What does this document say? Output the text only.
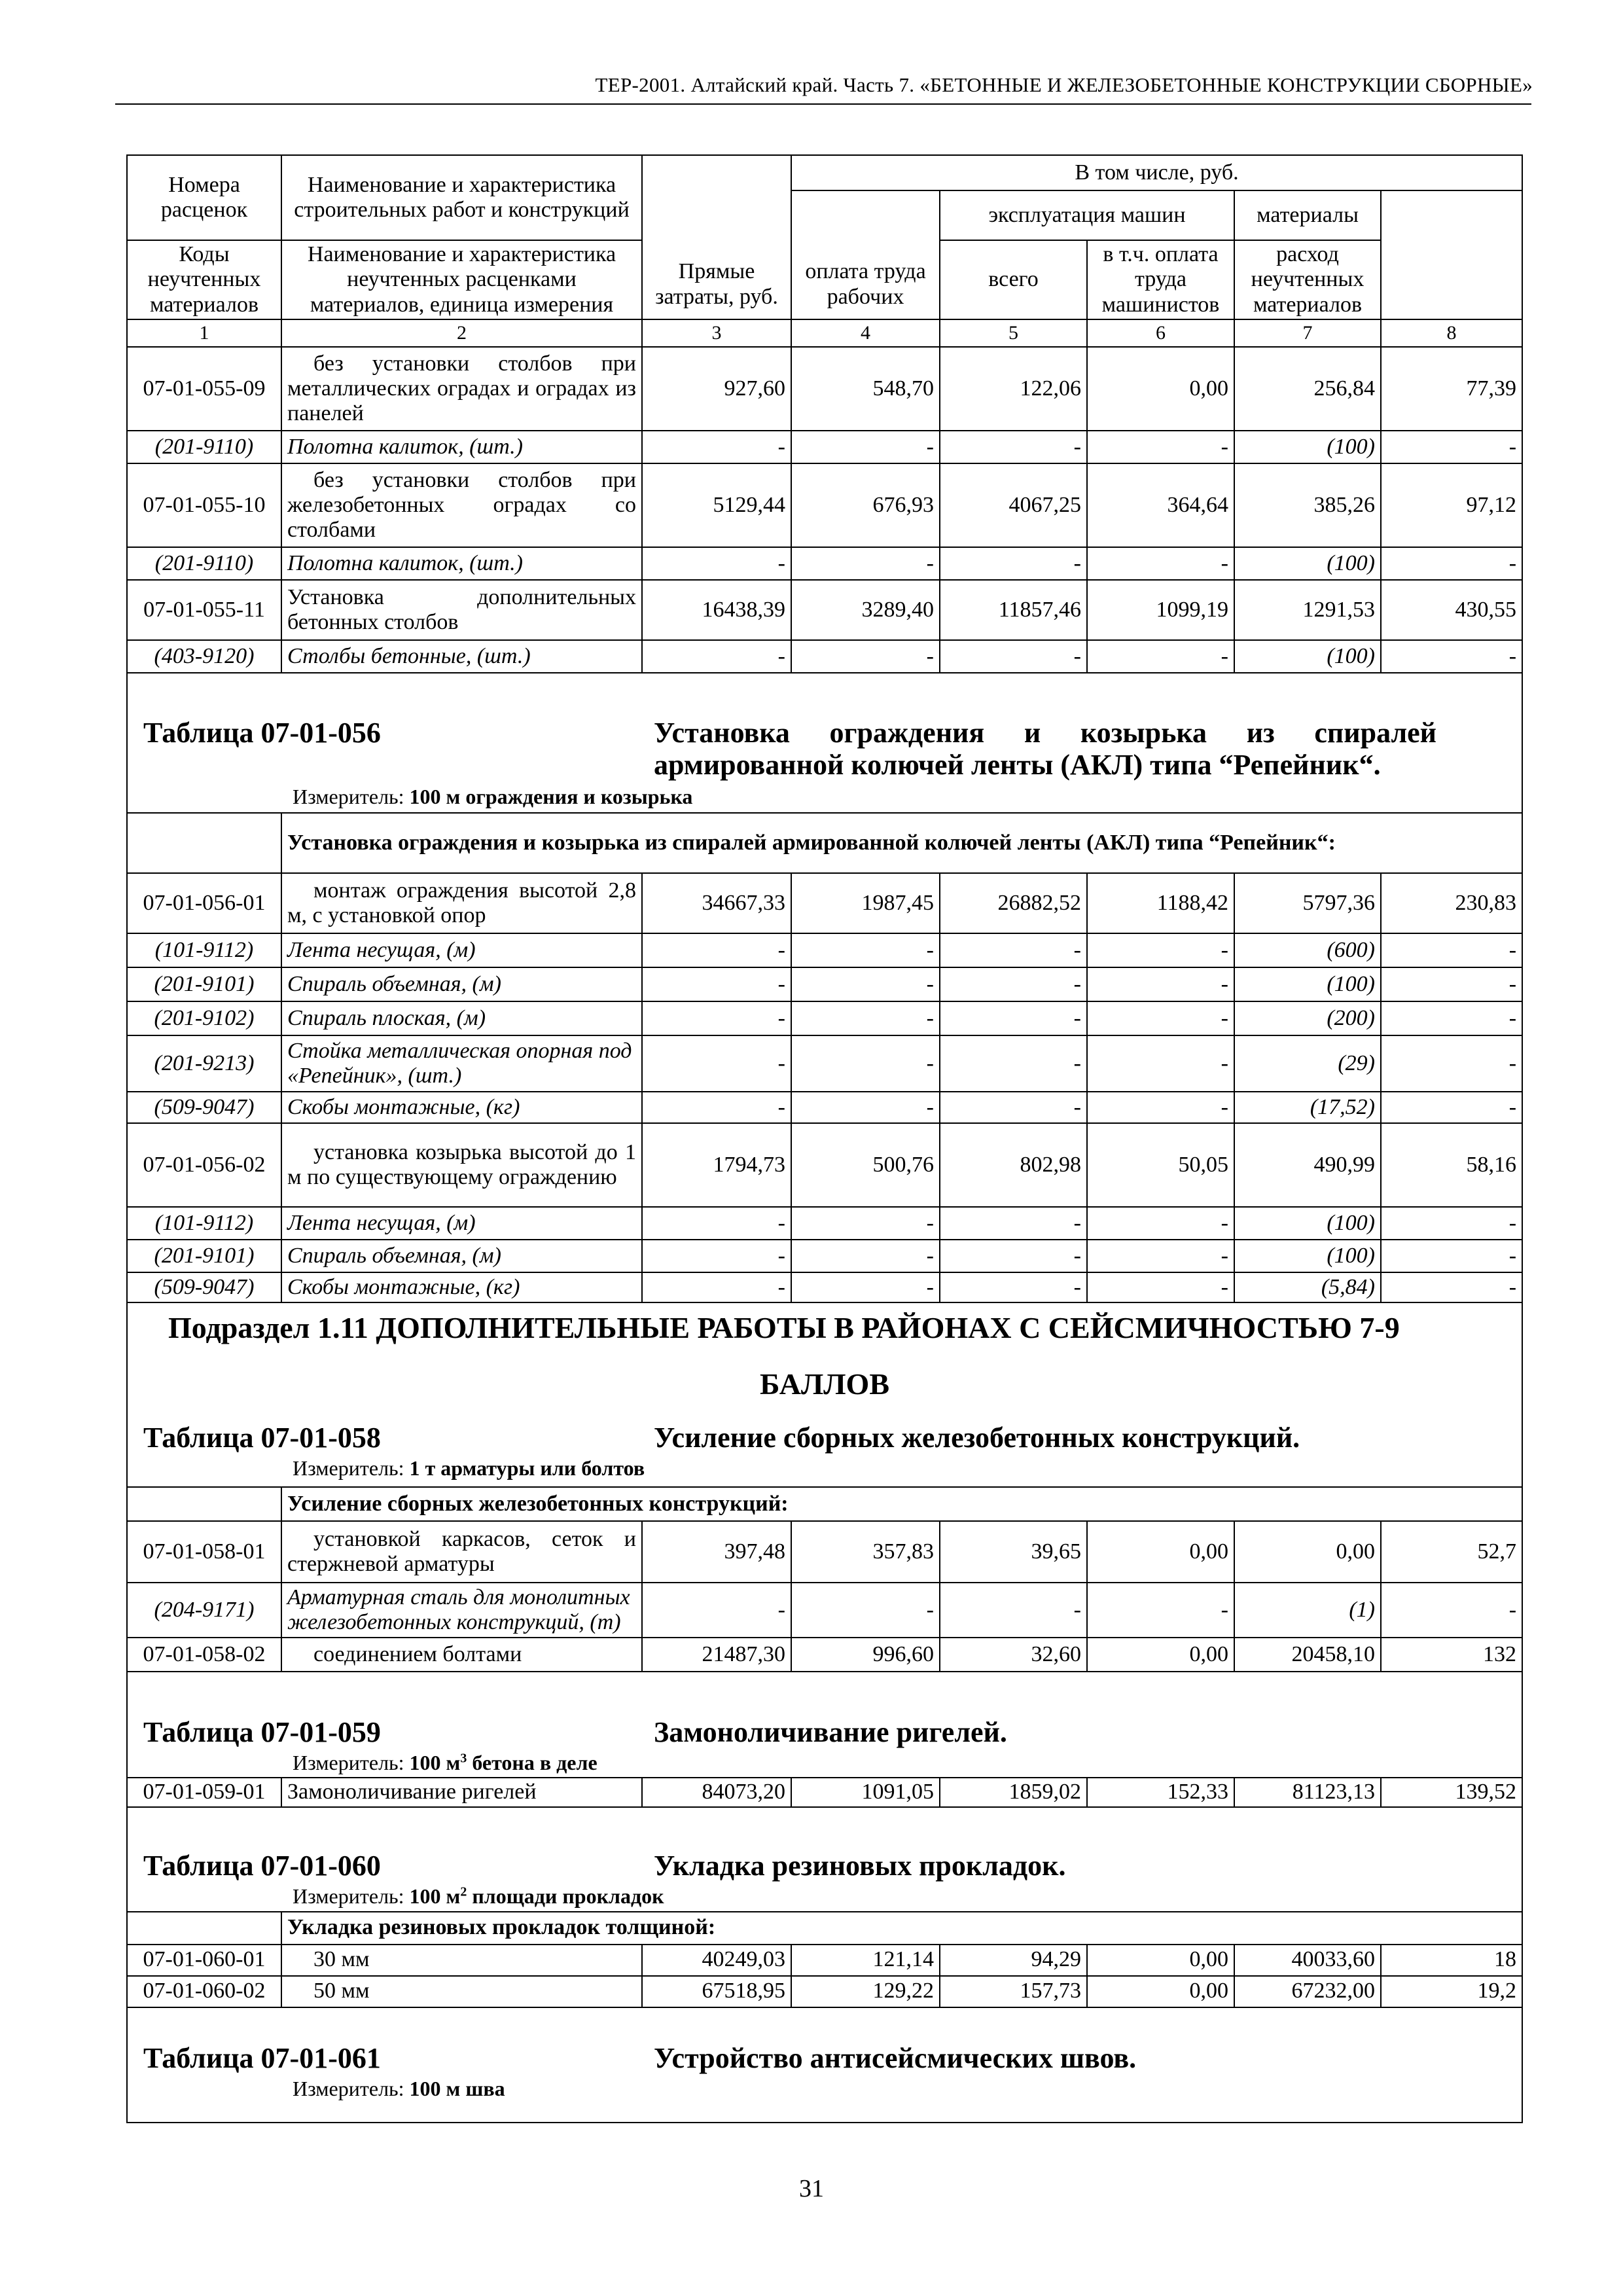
ТЕР-2001. Алтайский край. Часть 7. «БЕТОННЫЕ И ЖЕЛЕЗОБЕТОННЫЕ КОНСТРУКЦИИ СБОРНЫЕ»
Номера расценок	Наименование и характеристика строительных работ и конструкций	Прямые затраты, руб.	В том числе, руб.	
			оплата труда рабочих	эксплуатация машин		материалы		
Коды неучтенных материалов	Наименование и характеристика неучтенных расценками материалов, единица измерения			всего	в т.ч. оплата труда машинистов	расход неучтенных материалов		

1	2	3	4	5	6	7	8	
07-01-055-09	без установки столбов при металлических оградах и оградах из панелей	927,60	548,70	122,06	0,00	256,84	77,39	
(201-9110)	Полотна калиток, (шт.)	-	-	-	-	(100)	-	
07-01-055-10	без установки столбов при железобетонных оградах со столбами	5129,44	676,93	4067,25	364,64	385,26	97,12	
(201-9110)	Полотна калиток, (шт.)	-	-	-	-	(100)	-	
07-01-055-11	Установка дополнительных бетонных столбов	16438,39	3289,40	11857,46	1099,19	1291,53	430,55	
(403-9120)	Столбы бетонные, (шт.)	-	-	-	-	(100)	-	

Таблица 07-01-056 Установка ограждения и козырька из спиралей армированной колючей ленты (АКЛ) типа “Репейник“.
Измеритель: 100 м ограждения и козырька								

	Установка ограждения и козырька из спиралей армированной колючей ленты (АКЛ) типа “Репейник“:							
07-01-056-01	монтаж ограждения высотой 2,8 м, с установкой опор	34667,33	1987,45	26882,52	1188,42	5797,36	230,83	
(101-9112)	Лента несущая, (м)	-	-	-	-	(600)	-	
(201-9101)	Спираль объемная, (м)	-	-	-	-	(100)	-	
(201-9102)	Спираль плоская, (м)	-	-	-	-	(200)	-	
(201-9213)	Стойка металлическая опорная под «Репейник», (шт.)	-	-	-	-	(29)	-	
(509-9047)	Скобы монтажные, (кг)	-	-	-	-	(17,52)	-	
07-01-056-02	установка козырька высотой до 1 м по существующему ограждению	1794,73	500,76	802,98	50,05	490,99	58,16	
(101-9112)	Лента несущая, (м)	-	-	-	-	(100)	-	
(201-9101)	Спираль объемная, (м)	-	-	-	-	(100)	-	
(509-9047)	Скобы монтажные, (кг)	-	-	-	-	(5,84)	-	

Подраздел 1.11 ДОПОЛНИТЕЛЬНЫЕ РАБОТЫ В РАЙОНАХ С СЕЙСМИЧНОСТЬЮ 7-9
БАЛЛОВ
Таблица 07-01-058 Усиление сборных железобетонных конструкций.
Измеритель: 1 т арматуры или болтов								

	Усиление сборных железобетонных конструкций:							
07-01-058-01	установкой каркасов, сеток и стержневой арматуры	397,48	357,83	39,65	0,00	0,00	52,7	
(204-9171)	Арматурная сталь для монолитных железобетонных конструкций, (т)	-	-	-	-	(1)	-	
07-01-058-02	соединением болтами	21487,30	996,60	32,60	0,00	20458,10	132	

Таблица 07-01-059 Замоноличивание ригелей.
Измеритель: 100 $м^3$ бетона в деле								

07-01-059-01	Замоноличивание ригелей	84073,20	1091,05	1859,02	152,33	81123,13	139,52	

Таблица 07-01-060 Укладка резиновых прокладок.
Измеритель: 100 $м^2$ площади прокладок								

	Укладка резиновых прокладок толщиной:							
07-01-060-01	30 мм	40249,03	121,14	94,29	0,00	40033,60	18	
07-01-060-02	50 мм	67518,95	129,22	157,73	0,00	67232,00	19,2	

Таблица 07-01-061 Устройство антисейсмических швов.
Измеритель: 100 м шва								
31
